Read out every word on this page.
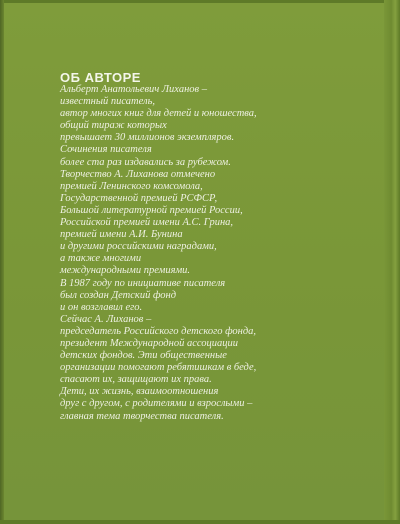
ОБ АВТОРЕ
Альберт Анатольевич Лиханов –
известный писатель,
автор многих книг для детей и юношества,
общий тираж которых
превышает 30 миллионов экземпляров.
Сочинения писателя
более ста раз издавались за рубежом.
Творчество А. Лиханова отмечено
премией Ленинского комсомола,
Государственной премией РСФСР,
Большой литературной премией России,
Российской премией имени А.С. Грина,
премией имени А.И. Бунина
и другими российскими наградами,
а также многими
международными премиями.
В 1987 году по инициативе писателя
был создан Детский фонд
и он возглавил его.
Сейчас А. Лиханов –
председатель Российского детского фонда,
президент Международной ассоциации
детских фондов. Эти общественные
организации помогают ребятишкам в беде,
спасают их, защищают их права.
Дети, их жизнь, взаимоотношения
друг с другом, с родителями и взрослыми –
главная тема творчества писателя.
